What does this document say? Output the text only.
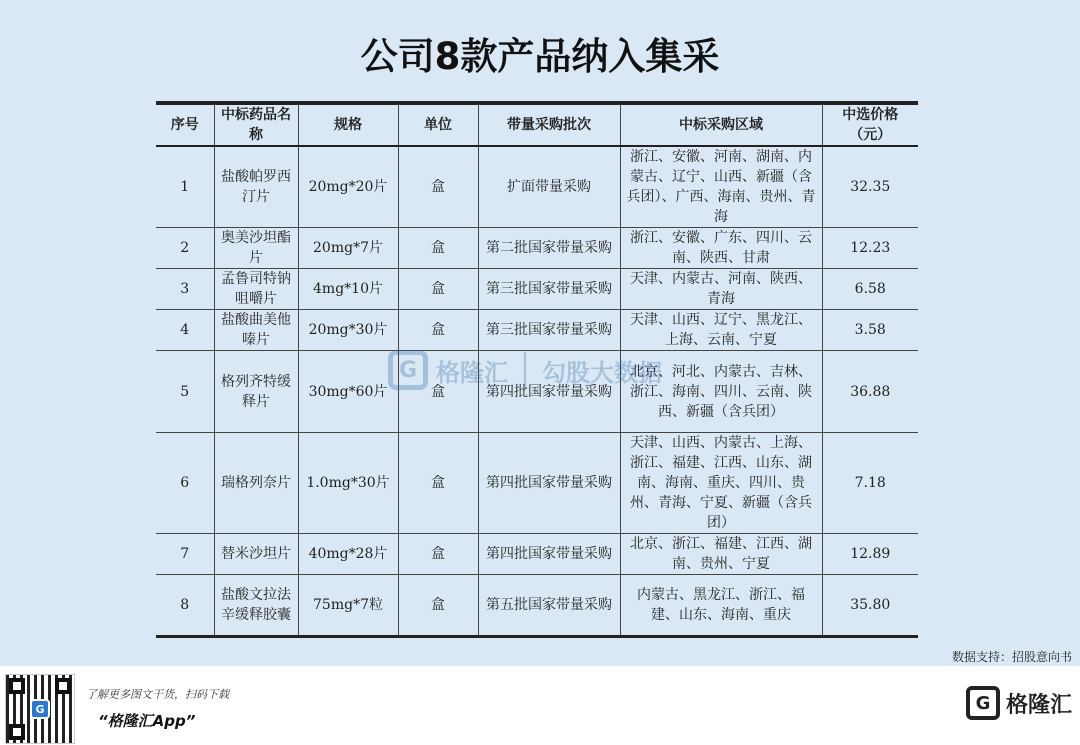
公司8款产品纳入集采
序号	中标药品名称	规格	单位	带量采购批次	中标采购区域	中选价格（元）
1	盐酸帕罗西汀片	20mg*20片	盒	扩面带量采购	浙江、安徽、河南、湖南、内蒙古、辽宁、山西、新疆（含兵团）、广西、海南、贵州、青海	32.35
2	奥美沙坦酯片	20mg*7片	盒	第二批国家带量采购	浙江、安徽、广东、四川、云南、陕西、甘肃	12.23
3	孟鲁司特钠咀嚼片	4mg*10片	盒	第三批国家带量采购	天津、内蒙古、河南、陕西、青海	6.58
4	盐酸曲美他嗪片	20mg*30片	盒	第三批国家带量采购	天津、山西、辽宁、黑龙江、上海、云南、宁夏	3.58
5	格列齐特缓释片	30mg*60片	盒	第四批国家带量采购	北京、河北、内蒙古、吉林、浙江、海南、四川、云南、陕西、新疆（含兵团）	36.88
6	瑞格列奈片	1.0mg*30片	盒	第四批国家带量采购	天津、山西、内蒙古、上海、浙江、福建、江西、山东、湖南、海南、重庆、四川、贵州、青海、宁夏、新疆（含兵团）	7.18
7	替米沙坦片	40mg*28片	盒	第四批国家带量采购	北京、浙江、福建、江西、湖南、贵州、宁夏	12.89
8	盐酸文拉法辛缓释胶囊	75mg*7粒	盒	第五批国家带量采购	内蒙古、黑龙江、浙江、福建、山东、海南、重庆	35.80
G 格隆汇 勾股大数据
数据支持：招股意向书
G
了解更多图文干货，扫码下载
“格隆汇App”
G 格隆汇
